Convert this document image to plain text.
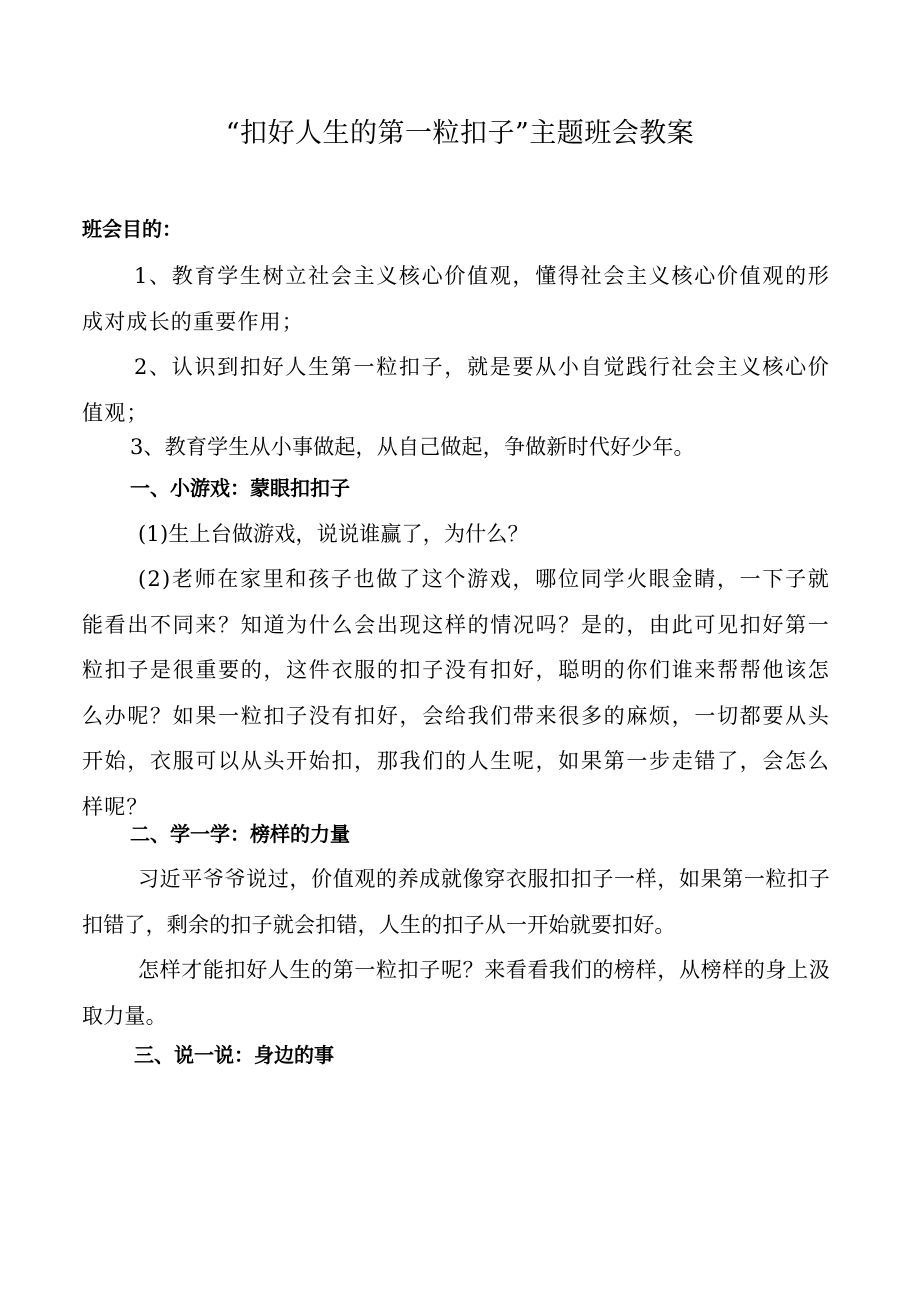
“扣好人生的第一粒扣子”主题班会教案
班会目的：
1、教育学生树立社会主义核心价值观，懂得社会主义核心价值观的形成对成长的重要作用；
2、认识到扣好人生第一粒扣子，就是要从小自觉践行社会主义核心价值观；
3、教育学生从小事做起，从自己做起，争做新时代好少年。
一、小游戏：蒙眼扣扣子
(1)生上台做游戏，说说谁赢了，为什么？
(2)老师在家里和孩子也做了这个游戏，哪位同学火眼金睛，一下子就能看出不同来？知道为什么会出现这样的情况吗？是的，由此可见扣好第一粒扣子是很重要的，这件衣服的扣子没有扣好，聪明的你们谁来帮帮他该怎么办呢？如果一粒扣子没有扣好，会给我们带来很多的麻烦，一切都要从头开始，衣服可以从头开始扣，那我们的人生呢，如果第一步走错了，会怎么样呢？
二、学一学：榜样的力量
习近平爷爷说过，价值观的养成就像穿衣服扣扣子一样，如果第一粒扣子扣错了，剩余的扣子就会扣错，人生的扣子从一开始就要扣好。
怎样才能扣好人生的第一粒扣子呢？来看看我们的榜样，从榜样的身上汲取力量。
三、说一说：身边的事
